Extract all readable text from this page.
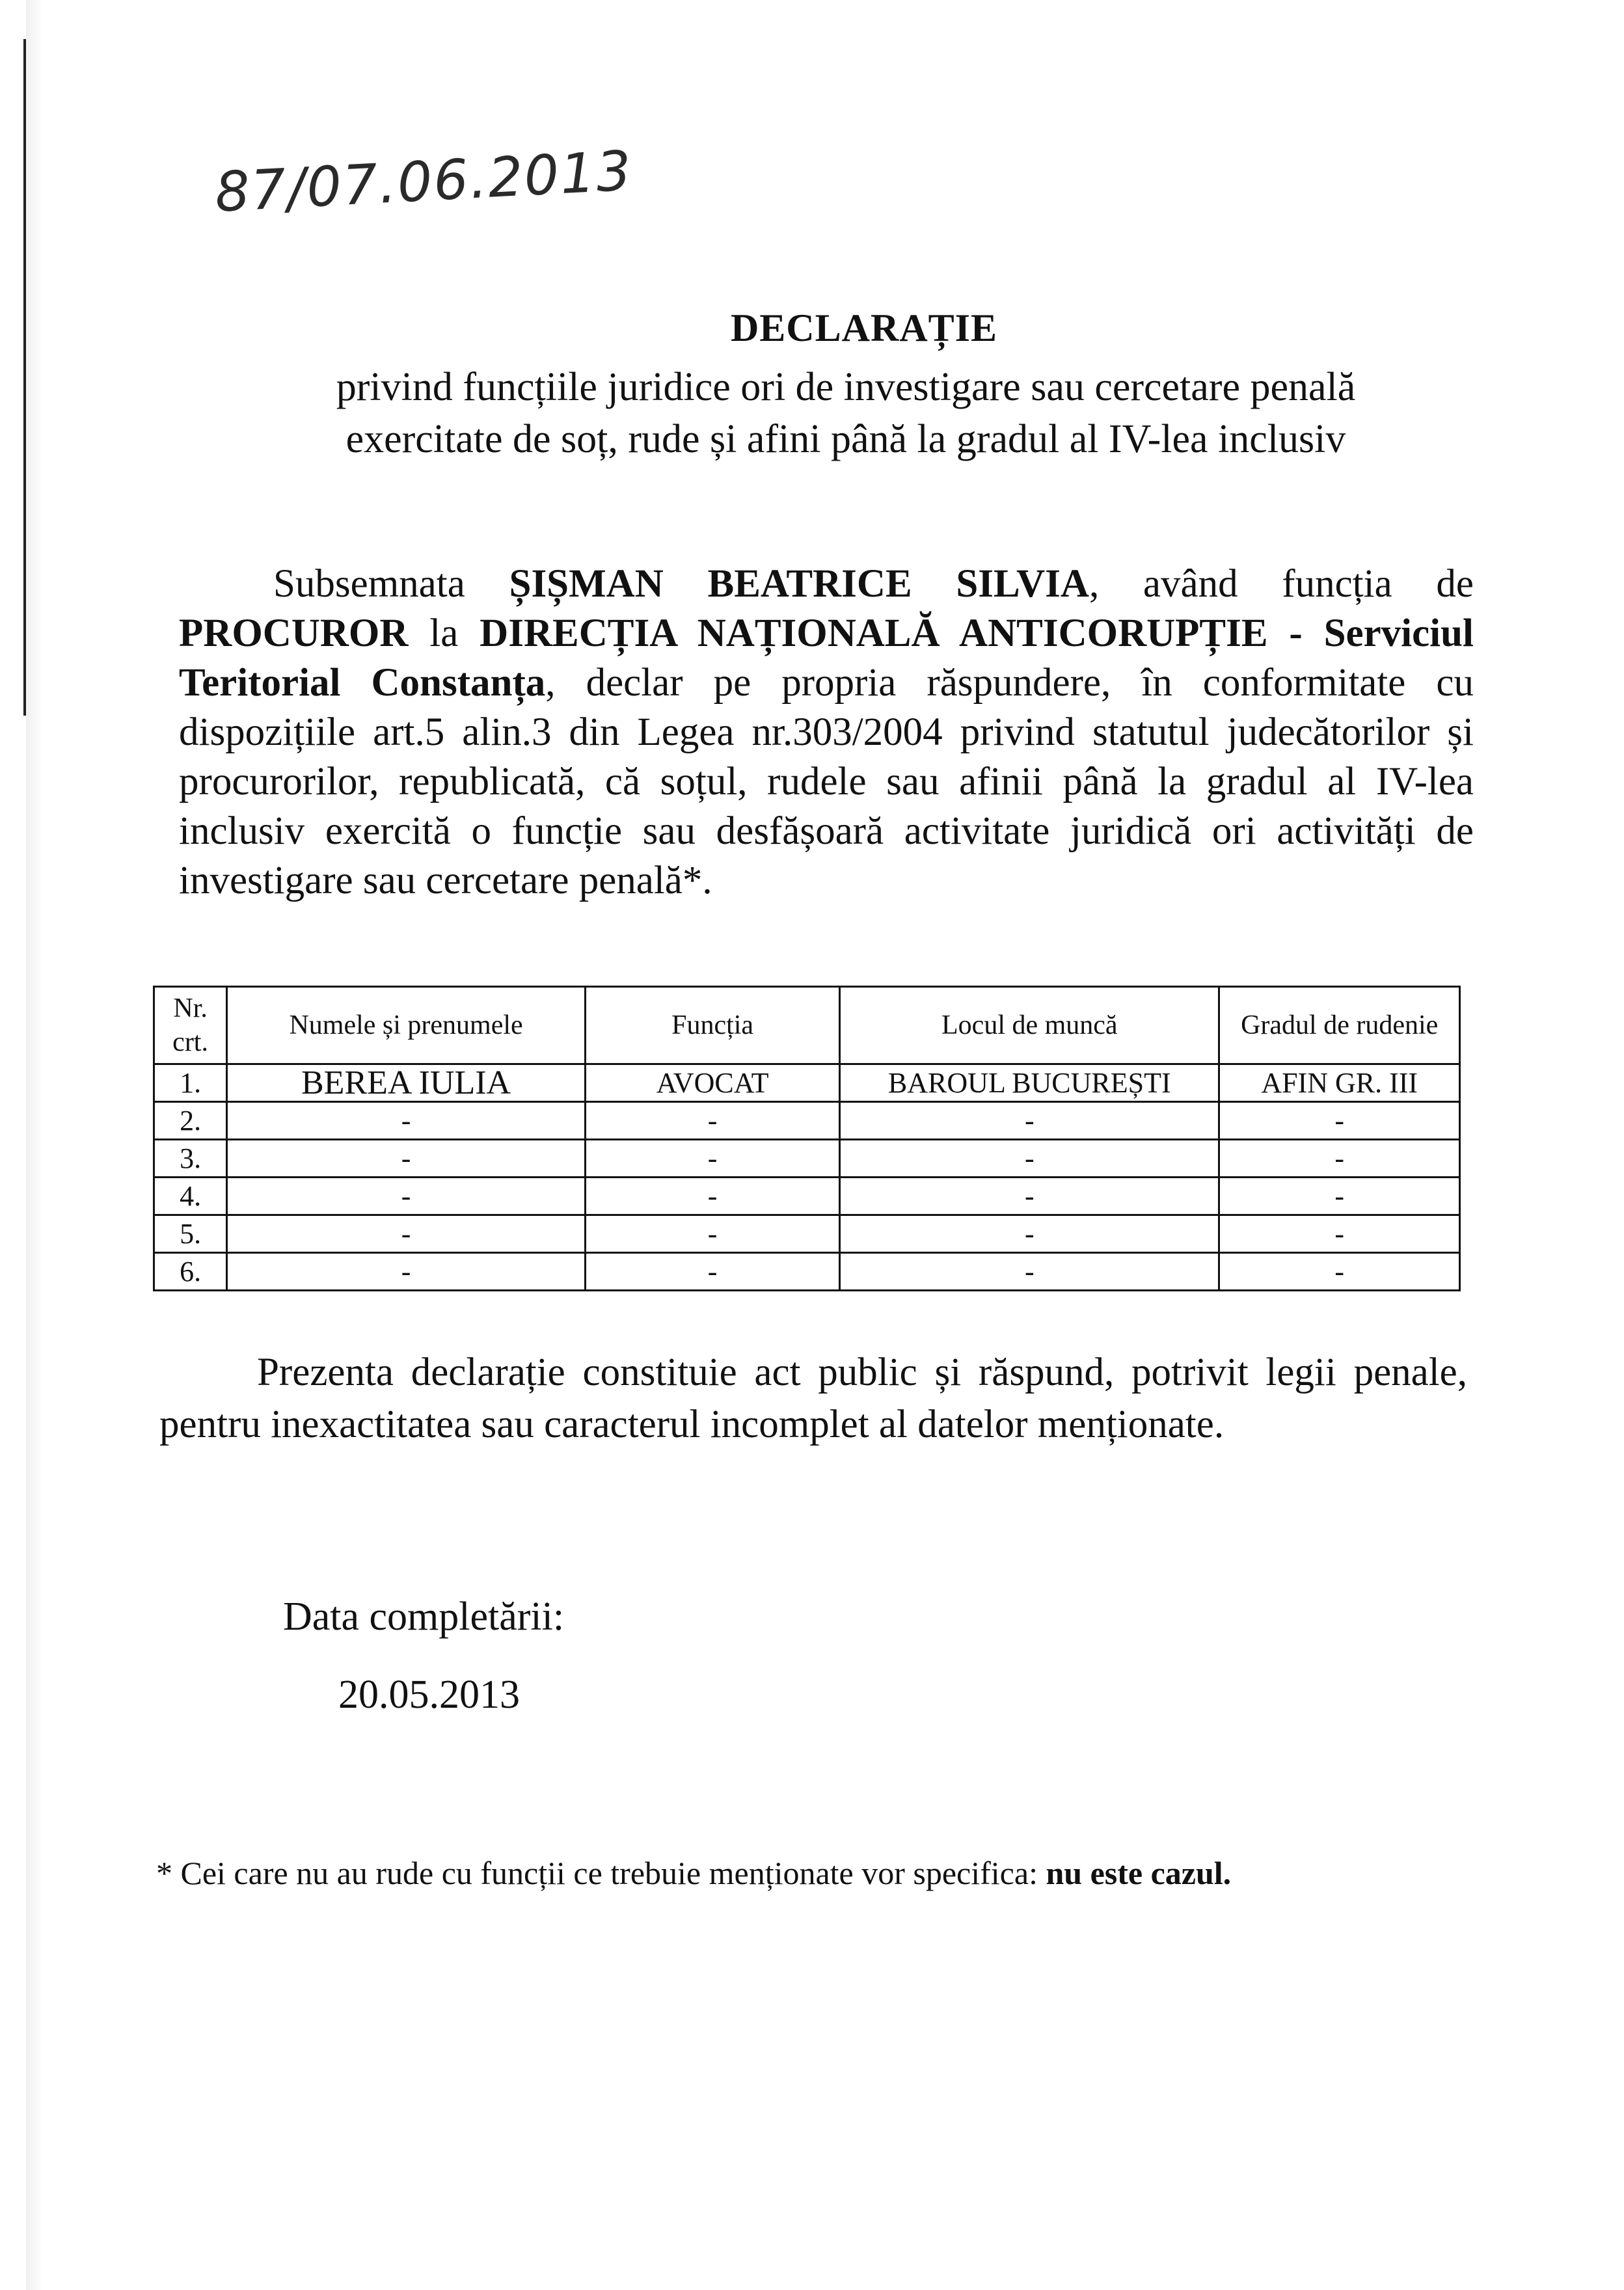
87/07.06.2013
DECLARAȚIE
privind funcțiile juridice ori de investigare sau cercetare penală
exercitate de soț, rude și afini până la gradul al IV-lea inclusiv
Subsemnata ȘIȘMAN BEATRICE SILVIA, având funcția de PROCUROR la DIRECȚIA NAȚIONALĂ ANTICORUPȚIE - Serviciul Teritorial Constanța, declar pe propria răspundere, în conformitate cu dispozițiile art.5 alin.3 din Legea nr.303/2004 privind statutul judecătorilor și procurorilor, republicată, că soțul, rudele sau afinii până la gradul al IV-lea inclusiv exercită o funcție sau desfășoară activitate juridică ori activități de investigare sau cercetare penală*.
Nr. crt.	Numele și prenumele	Funcția	Locul de muncă	Gradul de rudenie
1.	BEREA IULIA	AVOCAT	BAROUL BUCUREȘTI	AFIN GR. III
2.	-	-	-	-
3.	-	-	-	-
4.	-	-	-	-
5.	-	-	-	-
6.	-	-	-	-
Prezenta declarație constituie act public și răspund, potrivit legii penale, pentru inexactitatea sau caracterul incomplet al datelor menționate.
Data completării:
20.05.2013
* Cei care nu au rude cu funcții ce trebuie menționate vor specifica: nu este cazul.
